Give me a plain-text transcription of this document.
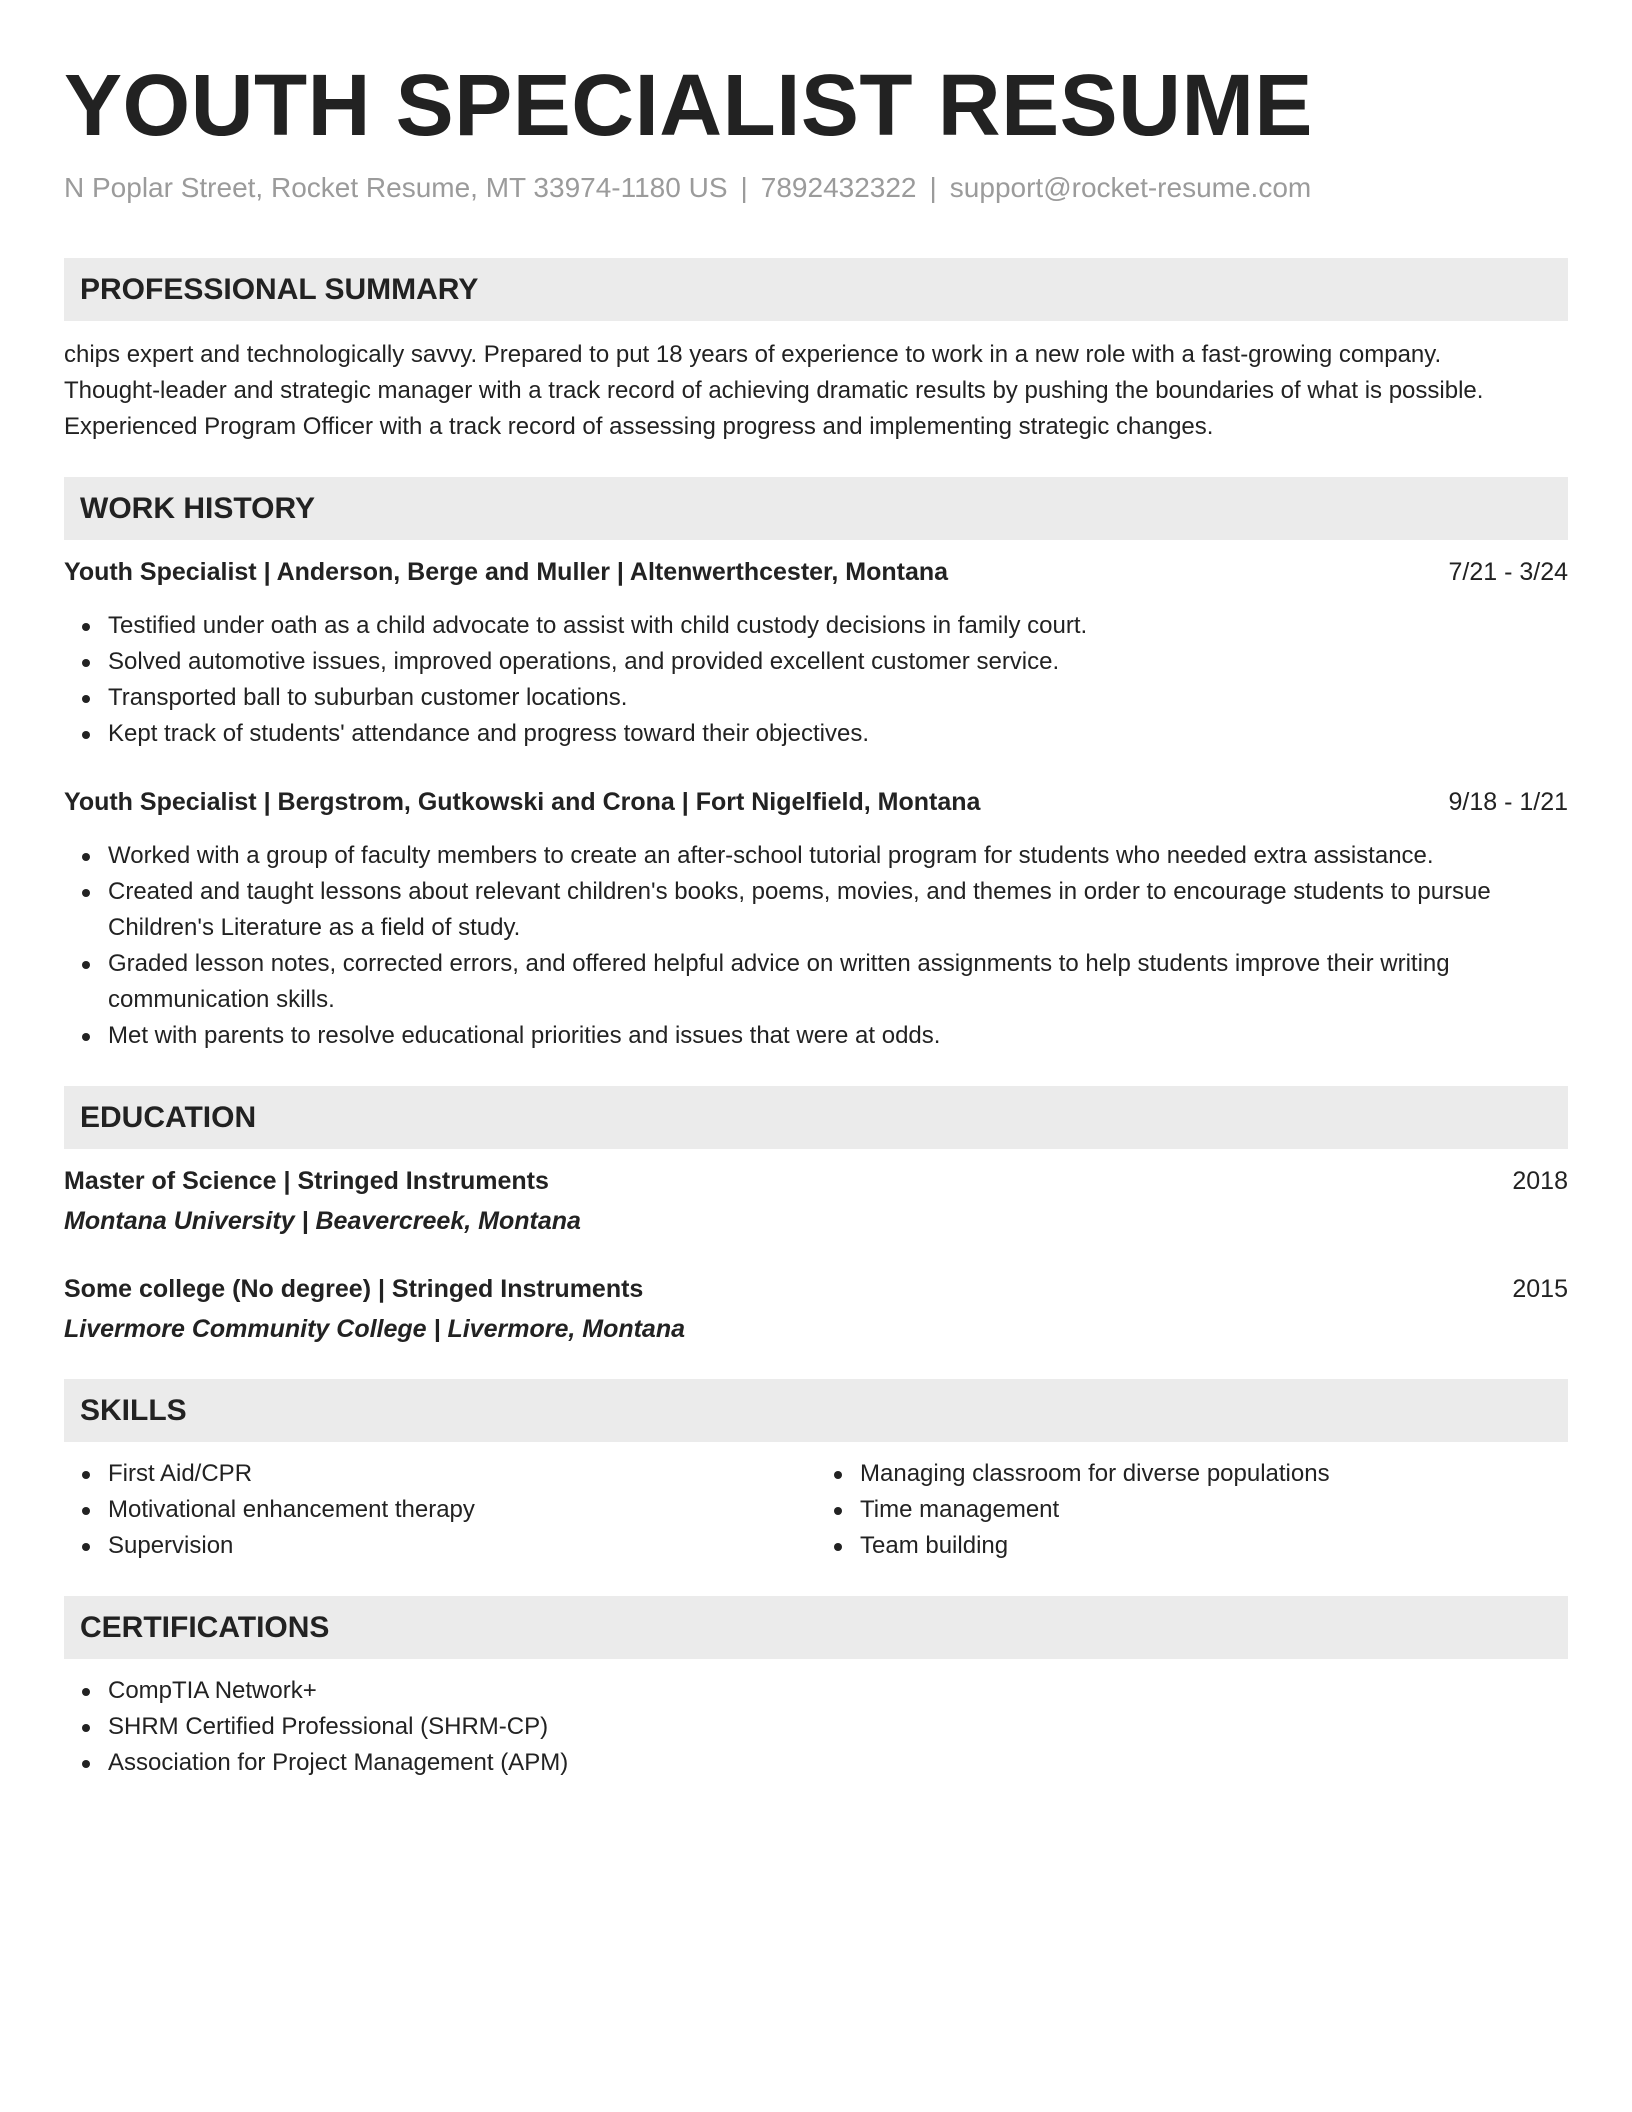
YOUTH SPECIALIST RESUME
N Poplar Street, Rocket Resume, MT 33974-1180 US | 7892432322 | support@rocket-resume.com
PROFESSIONAL SUMMARY
chips expert and technologically savvy. Prepared to put 18 years of experience to work in a new role with a fast-growing company.
Thought-leader and strategic manager with a track record of achieving dramatic results by pushing the boundaries of what is possible.
Experienced Program Officer with a track record of assessing progress and implementing strategic changes.
WORK HISTORY
Youth Specialist | Anderson, Berge and Muller | Altenwerthcester, Montana	7/21 - 3/24
Testified under oath as a child advocate to assist with child custody decisions in family court.
Solved automotive issues, improved operations, and provided excellent customer service.
Transported ball to suburban customer locations.
Kept track of students' attendance and progress toward their objectives.
Youth Specialist | Bergstrom, Gutkowski and Crona | Fort Nigelfield, Montana	9/18 - 1/21
Worked with a group of faculty members to create an after-school tutorial program for students who needed extra assistance.
Created and taught lessons about relevant children's books, poems, movies, and themes in order to encourage students to pursue Children's Literature as a field of study.
Graded lesson notes, corrected errors, and offered helpful advice on written assignments to help students improve their writing communication skills.
Met with parents to resolve educational priorities and issues that were at odds.
EDUCATION
Master of Science | Stringed Instruments	2018
Montana University | Beavercreek, Montana
Some college (No degree) | Stringed Instruments	2015
Livermore Community College | Livermore, Montana
SKILLS
First Aid/CPR
Motivational enhancement therapy
Supervision
Managing classroom for diverse populations
Time management
Team building
CERTIFICATIONS
CompTIA Network+
SHRM Certified Professional (SHRM-CP)
Association for Project Management (APM)
